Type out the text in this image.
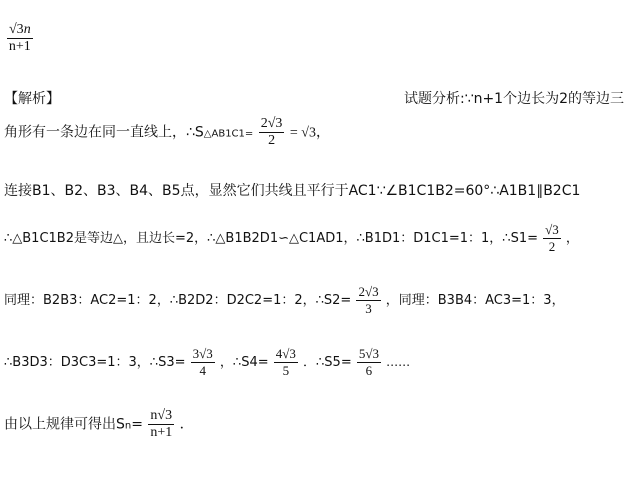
$\frac{√3n}{n+1}$
【解析】	试题分析:∵n+1个边长为2的等边三
角形有一条边在同一直线上，∴S△AB1C1= $\frac{2√3}{2} = √3$，
连接B1、B2、B3、B4、B5点，显然它们共线且平行于AC1∵∠B1C1B2=60°∴A1B1∥B2C1
∴△B1C1B2是等边△，且边长=2，∴△B1B2D1∽△C1AD1，∴B1D1：D1C1=1：1，∴S1= $\frac{√3}{2}$ ，
同理：B2B3：AC2=1：2，∴B2D2：D2C2=1：2，∴S2= $\frac{2√3}{3}$ ，同理：B3B4：AC3=1：3，
∴B3D3：D3C3=1：3，∴S3= $\frac{3√3}{4}$ ，∴S4= $\frac{4√3}{5}$ ．∴S5= $\frac{5√3}{6}$ ……
由以上规律可得出$Sn= \frac{n√3}{n+1}$ ．
